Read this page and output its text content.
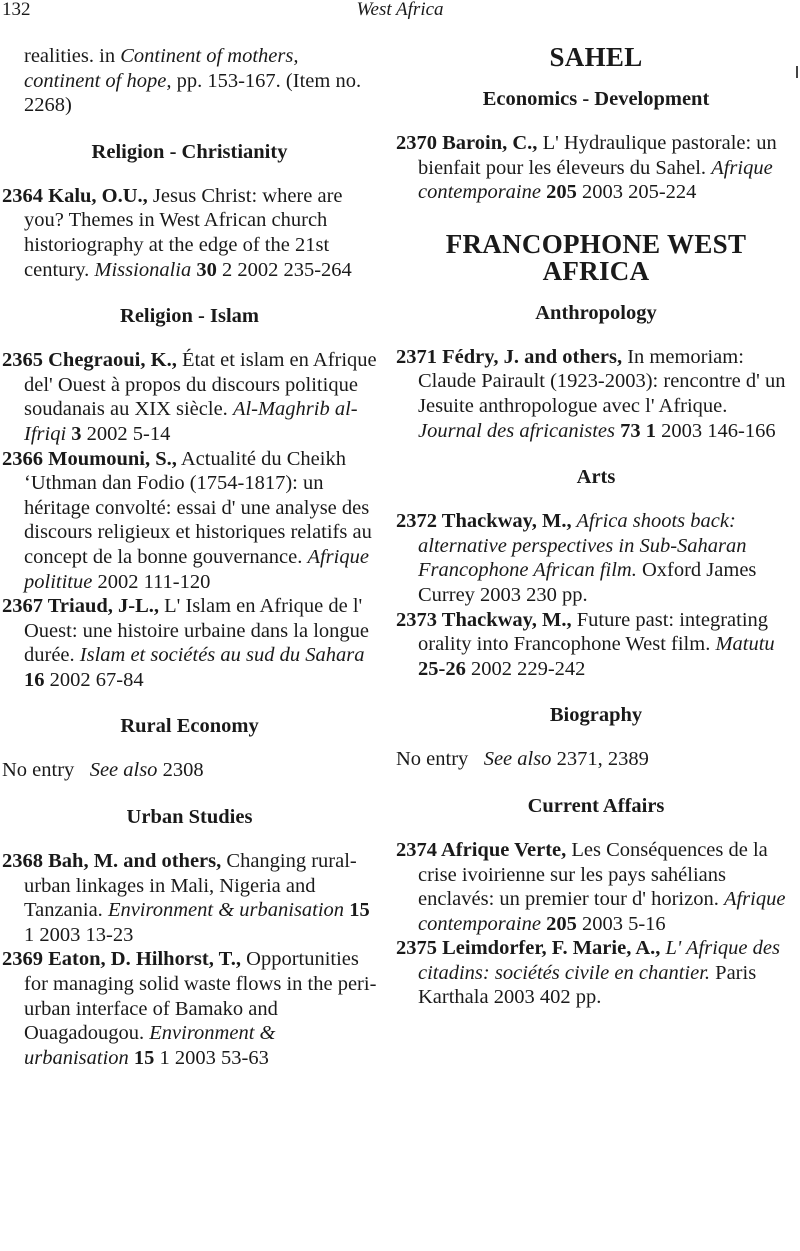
132	West Africa

realities. in Continent of mothers, continent of hope, pp. 153-167. (Item no. 2268)

Religion - Christianity

2364 Kalu, O.U., Jesus Christ: where are you? Themes in West African church historiography at the edge of the 21st century. Missionalia 30 2 2002 235-264

Religion - Islam

2365 Chegraoui, K., État et islam en Afrique del' Ouest à propos du discours politique soudanais au XIX siècle. Al-Maghrib al-Ifriqi 3 2002 5-14

2366 Moumouni, S., Actualité du Cheikh ‘Uthman dan Fodio (1754-1817): un héritage convolté: essai d' une analyse des discours religieux et historiques relatifs au concept de la bonne gouvernance. Afrique polititue 2002 111-120

2367 Triaud, J-L., L' Islam en Afrique de l' Ouest: une histoire urbaine dans la longue durée. Islam et sociétés au sud du Sahara 16 2002 67-84

Rural Economy

No entry See also 2308

Urban Studies

2368 Bah, M. and others, Changing rural-urban linkages in Mali, Nigeria and Tanzania. Environment & urbanisation 15 1 2003 13-23

2369 Eaton, D. Hilhorst, T., Opportunities for managing solid waste flows in the peri-urban interface of Bamako and Ouagadougou. Environment & urbanisation 15 1 2003 53-63

SAHEL
Economics - Development

2370 Baroin, C., L' Hydraulique pastorale: un bienfait pour les éleveurs du Sahel. Afrique contemporaine 205 2003 205-224

FRANCOPHONE WEST
AFRICA
Anthropology

2371 Fédry, J. and others, In memoriam: Claude Pairault (1923-2003): rencontre d' un Jesuite anthropologue avec l' Afrique. Journal des africanistes 73 1 2003 146-166

Arts

2372 Thackway, M., Africa shoots back: alternative perspectives in Sub-Saharan Francophone African film. Oxford James Currey 2003 230 pp.

2373 Thackway, M., Future past: integrating orality into Francophone West film. Matutu 25-26 2002 229-242

Biography

No entry See also 2371, 2389

Current Affairs

2374 Afrique Verte, Les Conséquences de la crise ivoirienne sur les pays sahélians enclavés: un premier tour d' horizon. Afrique contemporaine 205 2003 5-16

2375 Leimdorfer, F. Marie, A., L' Afrique des citadins: sociétés civile en chantier. Paris Karthala 2003 402 pp.
